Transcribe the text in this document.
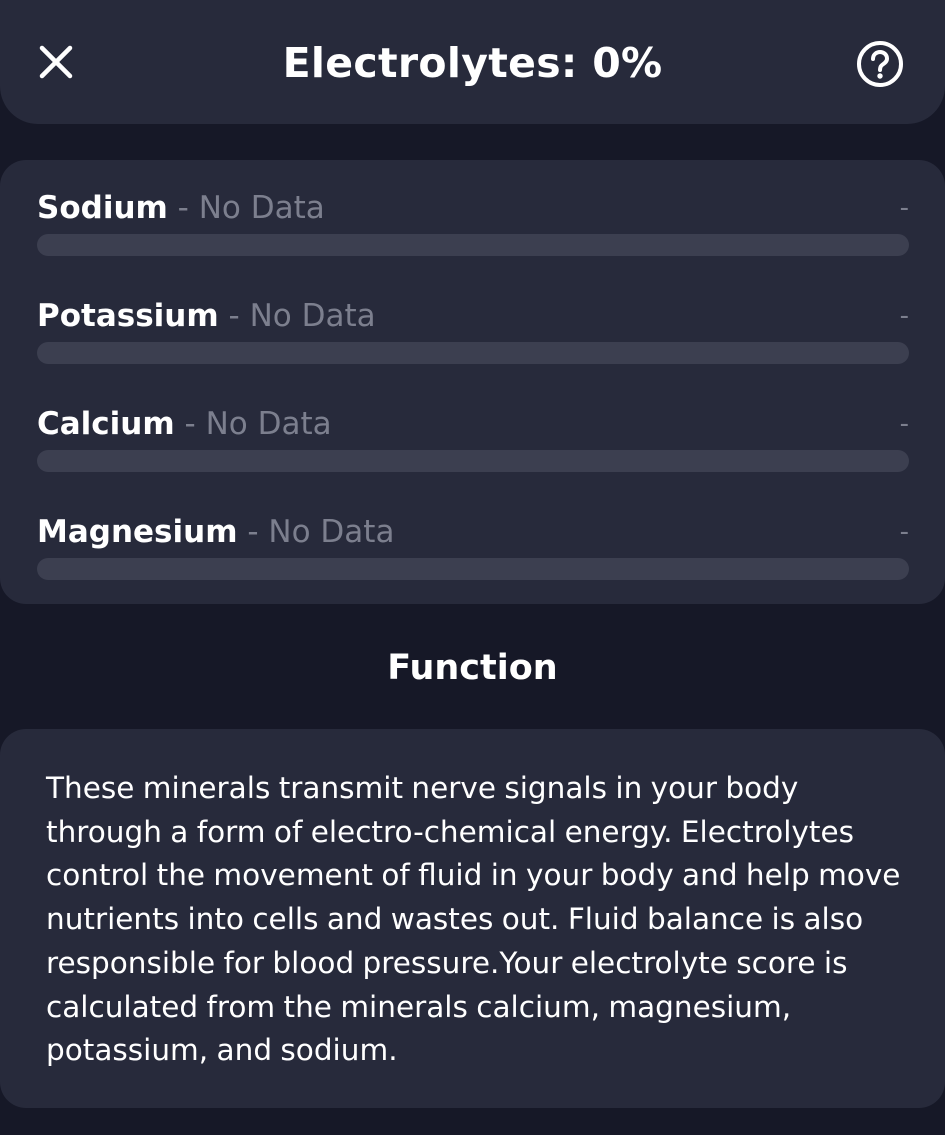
Electrolytes: 0%
Sodium - No Data	-
Potassium - No Data	-
Calcium - No Data	-
Magnesium - No Data	-
Function
These minerals transmit nerve signals in your body through a form of electro-chemical energy. Electrolytes control the movement of fluid in your body and help move nutrients into cells and wastes out. Fluid balance is also responsible for blood pressure.Your electrolyte score is calculated from the minerals calcium, magnesium, potassium, and sodium.
